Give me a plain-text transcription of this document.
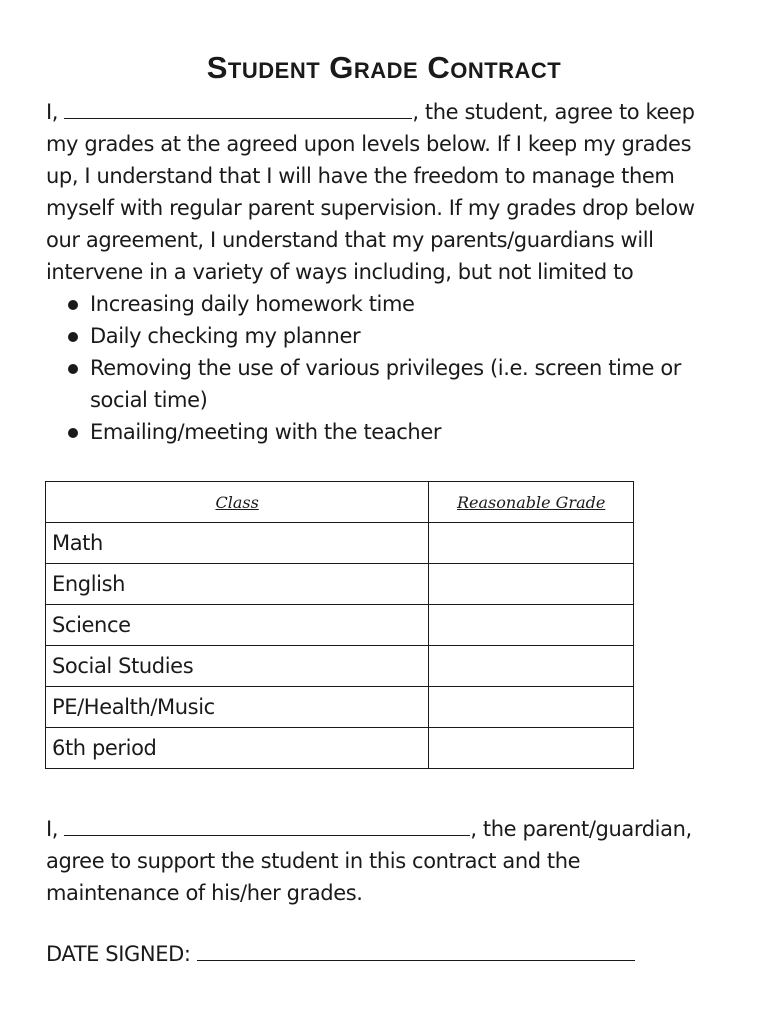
Student Grade Contract
I,	, the student, agree to keep
my grades at the agreed upon levels below. If I keep my grades
up, I understand that I will have the freedom to manage them
myself with regular parent supervision. If my grades drop below
our agreement, I understand that my parents/guardians will
intervene in a variety of ways including, but not limited to
Increasing daily homework time
Daily checking my planner
Removing the use of various privileges (i.e. screen time or
social time)
Emailing/meeting with the teacher
Class	Reasonable Grade
Math	
English	
Science	
Social Studies	
PE/Health/Music	
6th period	
I,	, the parent/guardian,
agree to support the student in this contract and the
maintenance of his/her grades.
DATE SIGNED:
